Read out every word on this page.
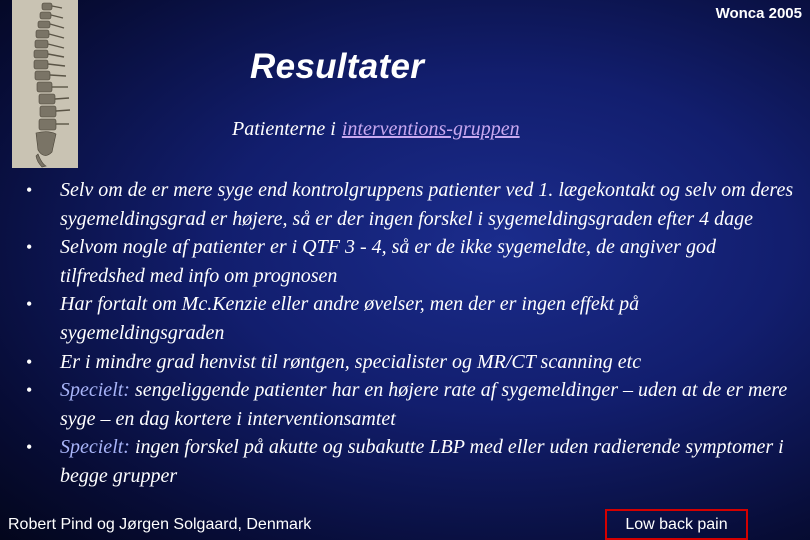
Wonca 2005
Resultater
Patienterne i interventions-gruppen
• Selv om de er mere syge end kontrolgruppens patienter ved 1. lægekontakt og selv om deres sygemeldingsgrad er højere, så er der ingen forskel i sygemeldingsgraden efter 4 dage
• Selvom nogle af patienter er i QTF 3 - 4, så er de ikke sygemeldte, de angiver god tilfredshed med info om prognosen
• Har fortalt om Mc.Kenzie eller andre øvelser, men der er ingen effekt på sygemeldingsgraden
• Er i mindre grad henvist til røntgen, specialister og MR/CT scanning etc
• Specielt: sengeliggende patienter har en højere rate af sygemeldinger – uden at de er mere syge – en dag kortere i interventionsamtet
• Specielt: ingen forskel på akutte og subakutte LBP med eller uden radierende symptomer i begge grupper
Robert Pind og Jørgen Solgaard, Denmark	Low back pain
